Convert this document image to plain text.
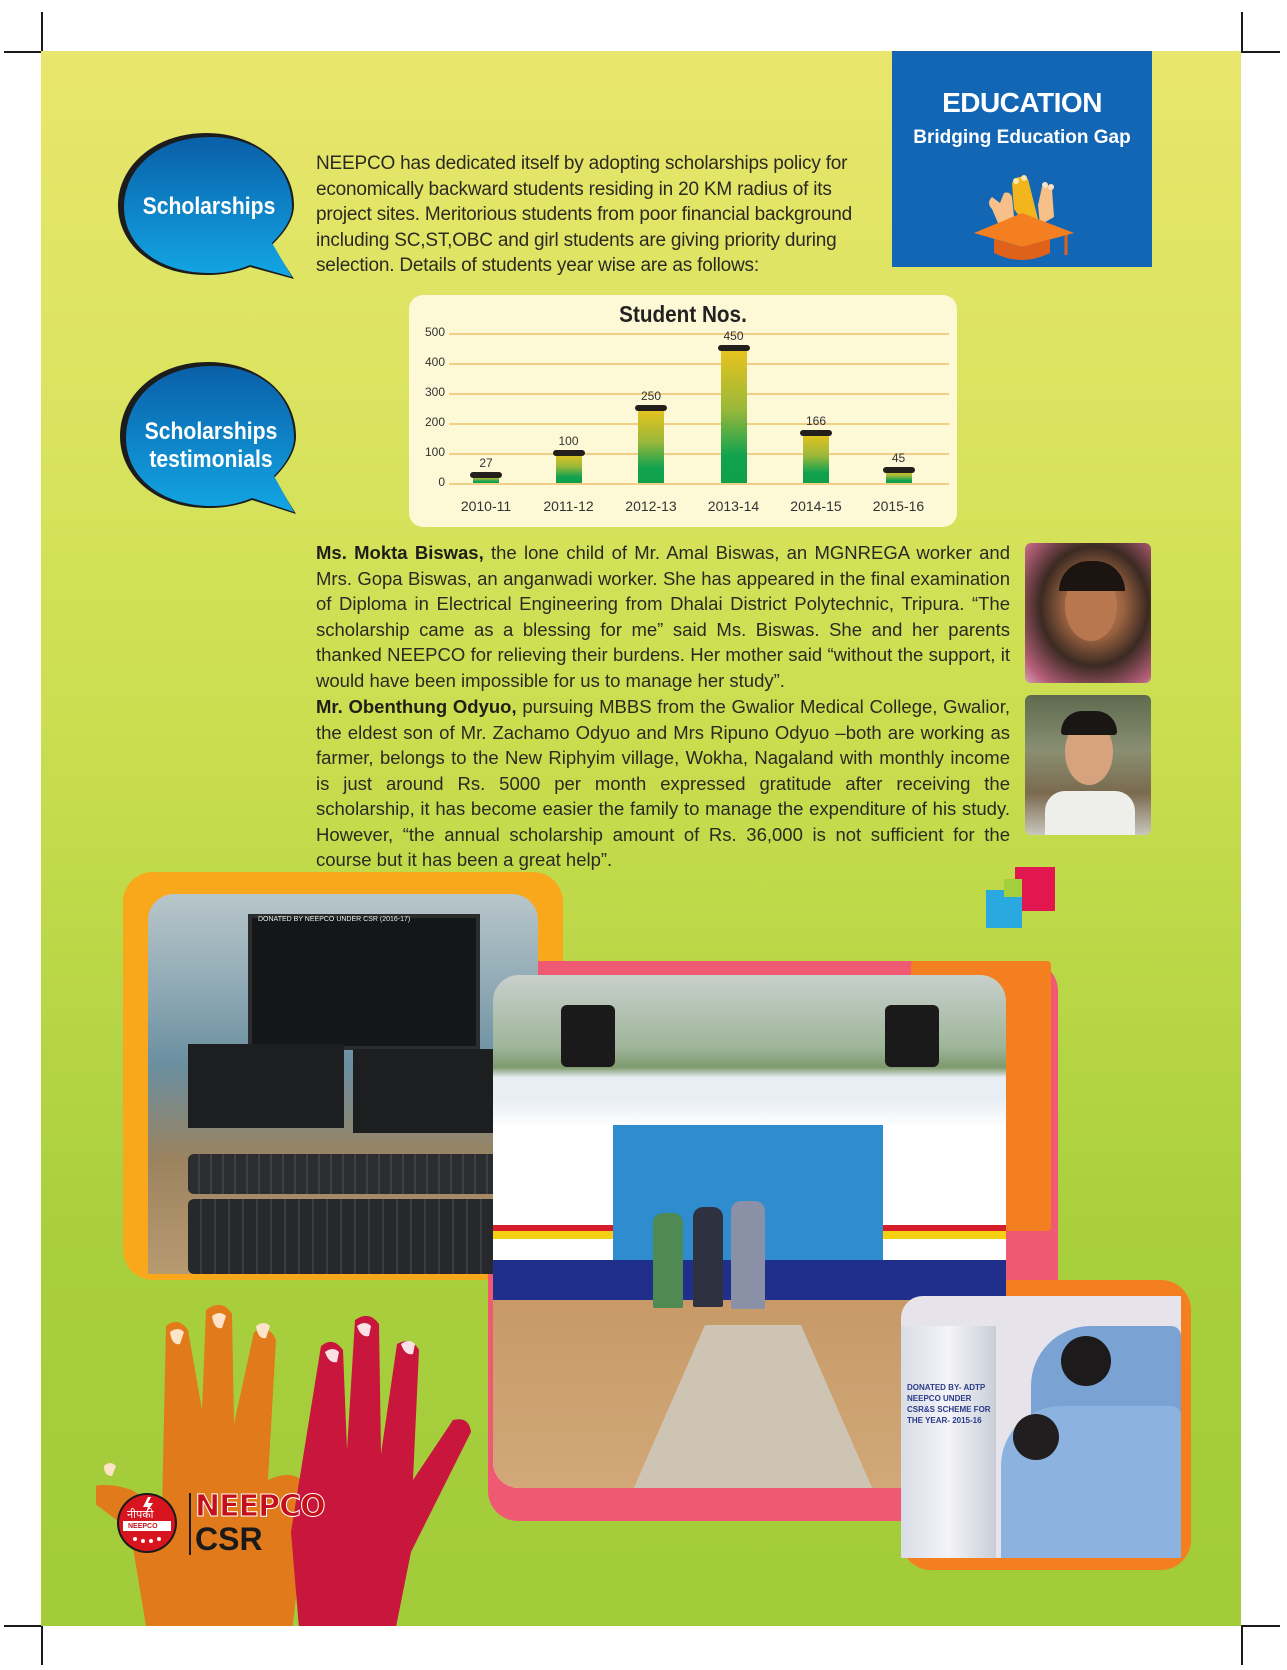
EDUCATION
Bridging Education Gap
Scholarships
Scholarships
testimonials
NEEPCO has dedicated itself by adopting scholarships policy for economically backward students residing in 20 KM radius of its project sites. Meritorious students from poor financial background including SC,ST,OBC and girl students are giving priority during selection. Details of students year wise are as follows:
Student Nos.
0
100
200
300
400
500
27
2010-11
100
2011-12
250
2012-13
450
2013-14
166
2014-15
45
2015-16
Ms. Mokta Biswas, the lone child of Mr. Amal Biswas, an MGNREGA worker and Mrs. Gopa Biswas, an anganwadi worker. She has appeared in the final examination of Diploma in Electrical Engineering from Dhalai District Polytechnic, Tripura. “The scholarship came as a blessing for me” said Ms. Biswas. She and her parents thanked NEEPCO for relieving their burdens. Her mother said “without the support, it would have been impossible for us to manage her study”.
Mr. Obenthung Odyuo, pursuing MBBS from the Gwalior Medical College, Gwalior, the eldest son of Mr. Zachamo Odyuo and Mrs Ripuno Odyuo –both are working as farmer, belongs to the New Riphyim village, Wokha, Nagaland with monthly income is just around Rs. 5000 per month expressed gratitude after receiving the scholarship, it has become easier the family to manage the expenditure of his study. However, “the annual scholarship amount of Rs. 36,000 is not sufficient for the course but it has been a great help”.
DONATED BY NEEPCO UNDER CSR (2016-17)
DONATED BY- ADTP NEEPCO UNDER CSR&S SCHEME FOR THE YEAR- 2015-16
नीपको
NEEPCO
NEEPCO
CSR
